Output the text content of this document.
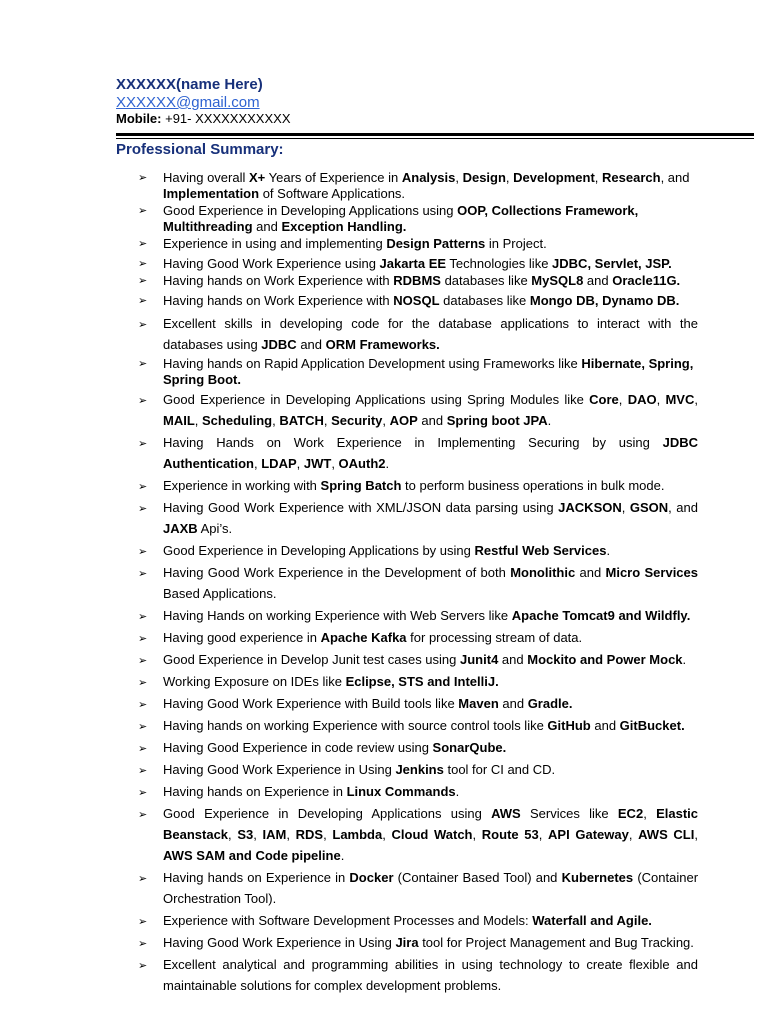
XXXXXX(name Here)
XXXXXX@gmail.com
Mobile: +91- XXXXXXXXXXX
Professional Summary:
➢ Having overall X+ Years of Experience in Analysis, Design, Development, Research, and Implementation of Software Applications.
➢ Good Experience in Developing Applications using OOP, Collections Framework, Multithreading and Exception Handling.
➢ Experience in using and implementing Design Patterns in Project.
➢ Having Good Work Experience using Jakarta EE Technologies like JDBC, Servlet, JSP.
➢ Having hands on Work Experience with RDBMS databases like MySQL8 and Oracle11G.
➢ Having hands on Work Experience with NOSQL databases like Mongo DB, Dynamo DB.
➢ Excellent skills in developing code for the database applications to interact with the databases using JDBC and ORM Frameworks.
➢ Having hands on Rapid Application Development using Frameworks like Hibernate, Spring, Spring Boot.
➢ Good Experience in Developing Applications using Spring Modules like Core, DAO, MVC, MAIL, Scheduling, BATCH, Security, AOP and Spring boot JPA.
➢ Having Hands on Work Experience in Implementing Securing by using JDBC Authentication, LDAP, JWT, OAuth2.
➢ Experience in working with Spring Batch to perform business operations in bulk mode.
➢ Having Good Work Experience with XML/JSON data parsing using JACKSON, GSON, and JAXB Api’s.
➢ Good Experience in Developing Applications by using Restful Web Services.
➢ Having Good Work Experience in the Development of both Monolithic and Micro Services Based Applications.
➢ Having Hands on working Experience with Web Servers like Apache Tomcat9 and Wildfly.
➢ Having good experience in Apache Kafka for processing stream of data.
➢ Good Experience in Develop Junit test cases using Junit4 and Mockito and Power Mock.
➢ Working Exposure on IDEs like Eclipse, STS and IntelliJ.
➢ Having Good Work Experience with Build tools like Maven and Gradle.
➢ Having hands on working Experience with source control tools like GitHub and GitBucket.
➢ Having Good Experience in code review using SonarQube.
➢ Having Good Work Experience in Using Jenkins tool for CI and CD.
➢ Having hands on Experience in Linux Commands.
➢ Good Experience in Developing Applications using AWS Services like EC2, Elastic Beanstack, S3, IAM, RDS, Lambda, Cloud Watch, Route 53, API Gateway, AWS CLI, AWS SAM and Code pipeline.
➢ Having hands on Experience in Docker (Container Based Tool) and Kubernetes (Container Orchestration Tool).
➢ Experience with Software Development Processes and Models: Waterfall and Agile.
➢ Having Good Work Experience in Using Jira tool for Project Management and Bug Tracking.
➢ Excellent analytical and programming abilities in using technology to create flexible and maintainable solutions for complex development problems.
